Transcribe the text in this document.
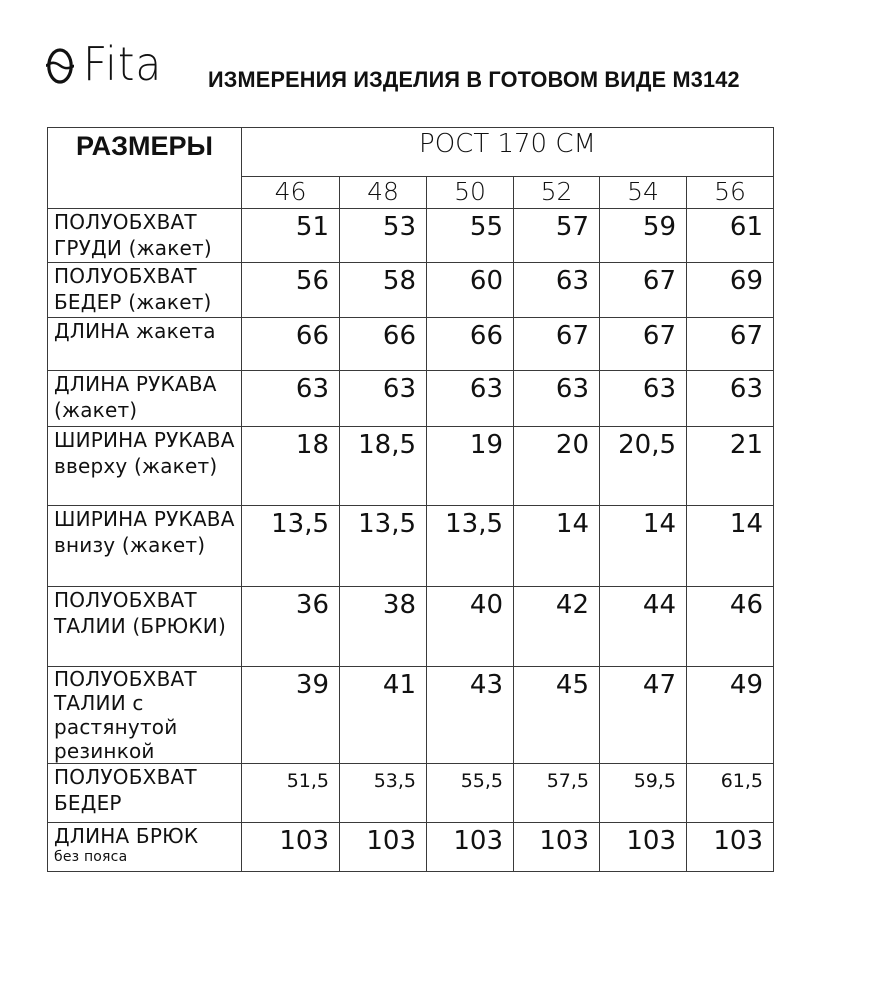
Fita ИЗМЕРЕНИЯ ИЗДЕЛИЯ В ГОТОВОМ ВИДЕ М3142
РАЗМЕРЫ	РОСТ 170 СМ					
	46	48	50	52	54	56
ПОЛУОБХВАТ ГРУДИ (жакет)	51	53	55	57	59	61
ПОЛУОБХВАТ БЕДЕР (жакет)	56	58	60	63	67	69
ДЛИНА жакета	66	66	66	67	67	67
ДЛИНА РУКАВА (жакет)	63	63	63	63	63	63
ШИРИНА РУКАВА вверху (жакет)	18	18,5	19	20	20,5	21
ШИРИНА РУКАВА внизу (жакет)	13,5	13,5	13,5	14	14	14
ПОЛУОБХВАТ ТАЛИИ (БРЮКИ)	36	38	40	42	44	46
ПОЛУОБХВАТ ТАЛИИ с растянутой резинкой	39	41	43	45	47	49
ПОЛУОБХВАТ БЕДЕР	51,5	53,5	55,5	57,5	59,5	61,5
ДЛИНА БРЮК
без пояса	103	103	103	103	103	103
